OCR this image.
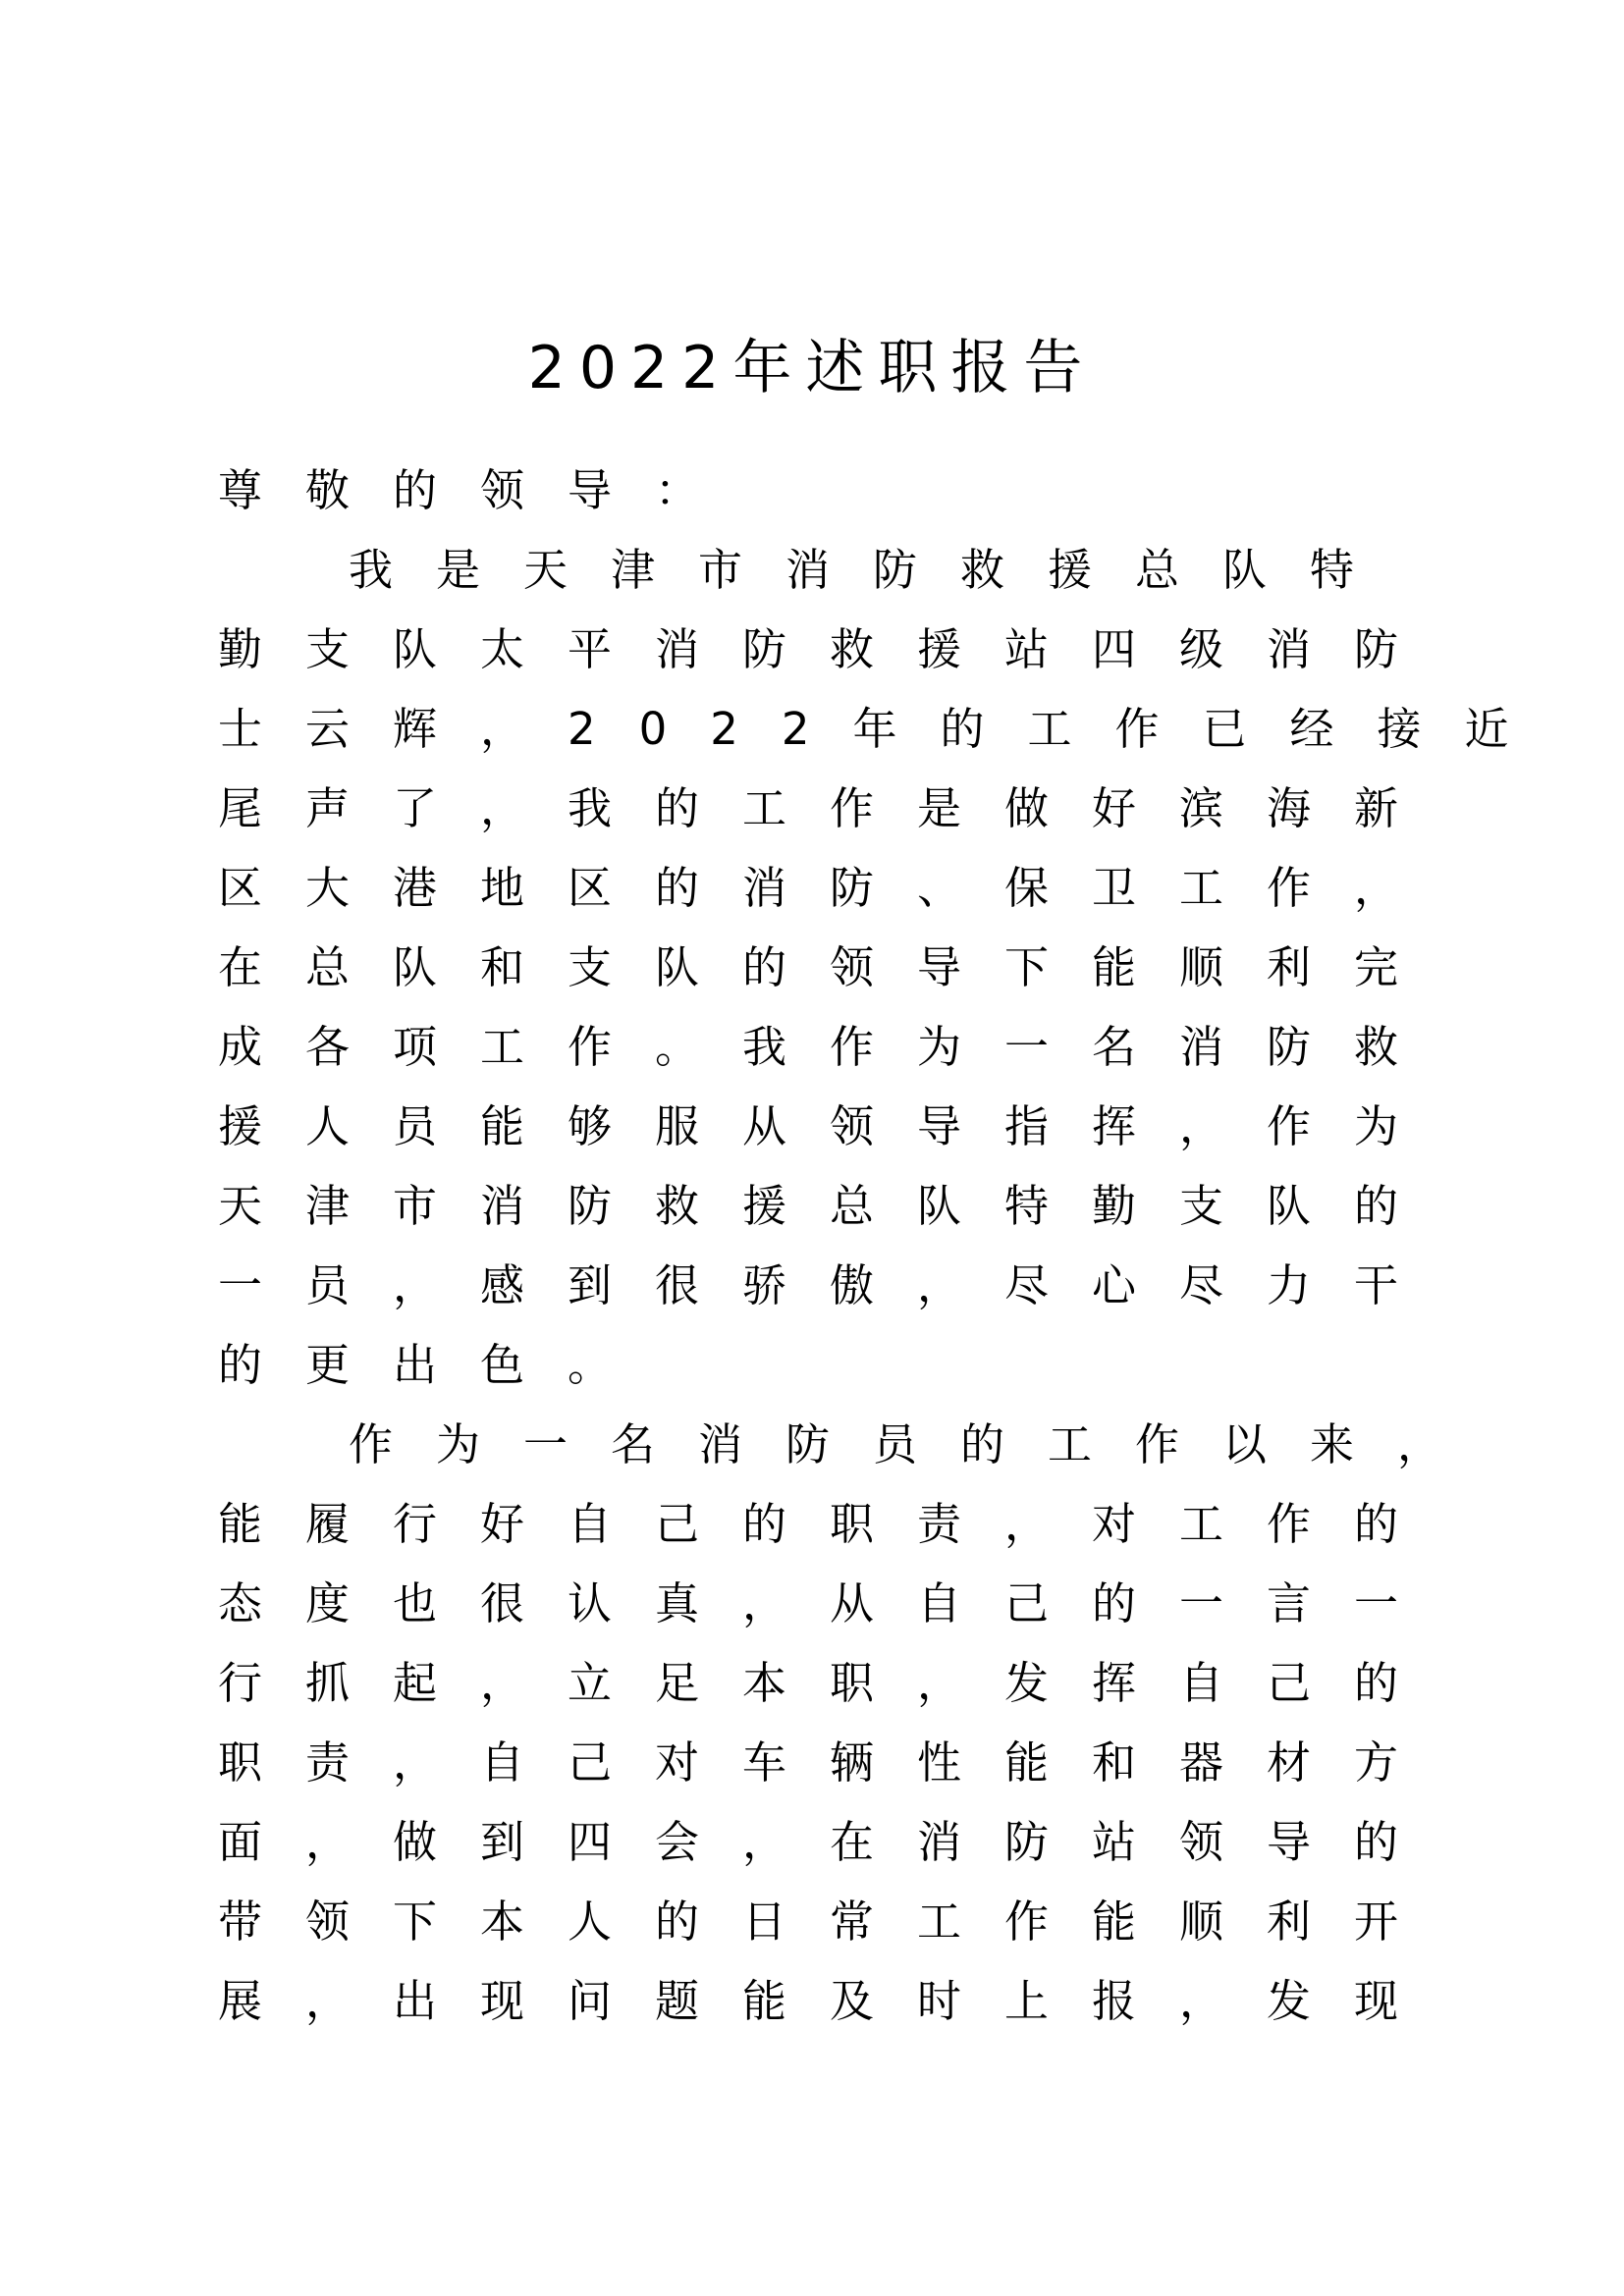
2022年述职报告
尊敬的领导：
我是天津市消防救援总队特
勤支队太平消防救援站四级消防
士云辉，2022年的工作已经接近
尾声了，我的工作是做好滨海新
区大港地区的消防、保卫工作，
在总队和支队的领导下能顺利完
成各项工作。我作为一名消防救
援人员能够服从领导指挥，作为
天津市消防救援总队特勤支队的
一员，感到很骄傲，尽心尽力干
的更出色。
作为一名消防员的工作以来，
能履行好自己的职责，对工作的
态度也很认真，从自己的一言一
行抓起，立足本职，发挥自己的
职责，自己对车辆性能和器材方
面，做到四会，在消防站领导的
带领下本人的日常工作能顺利开
展，出现问题能及时上报，发现
